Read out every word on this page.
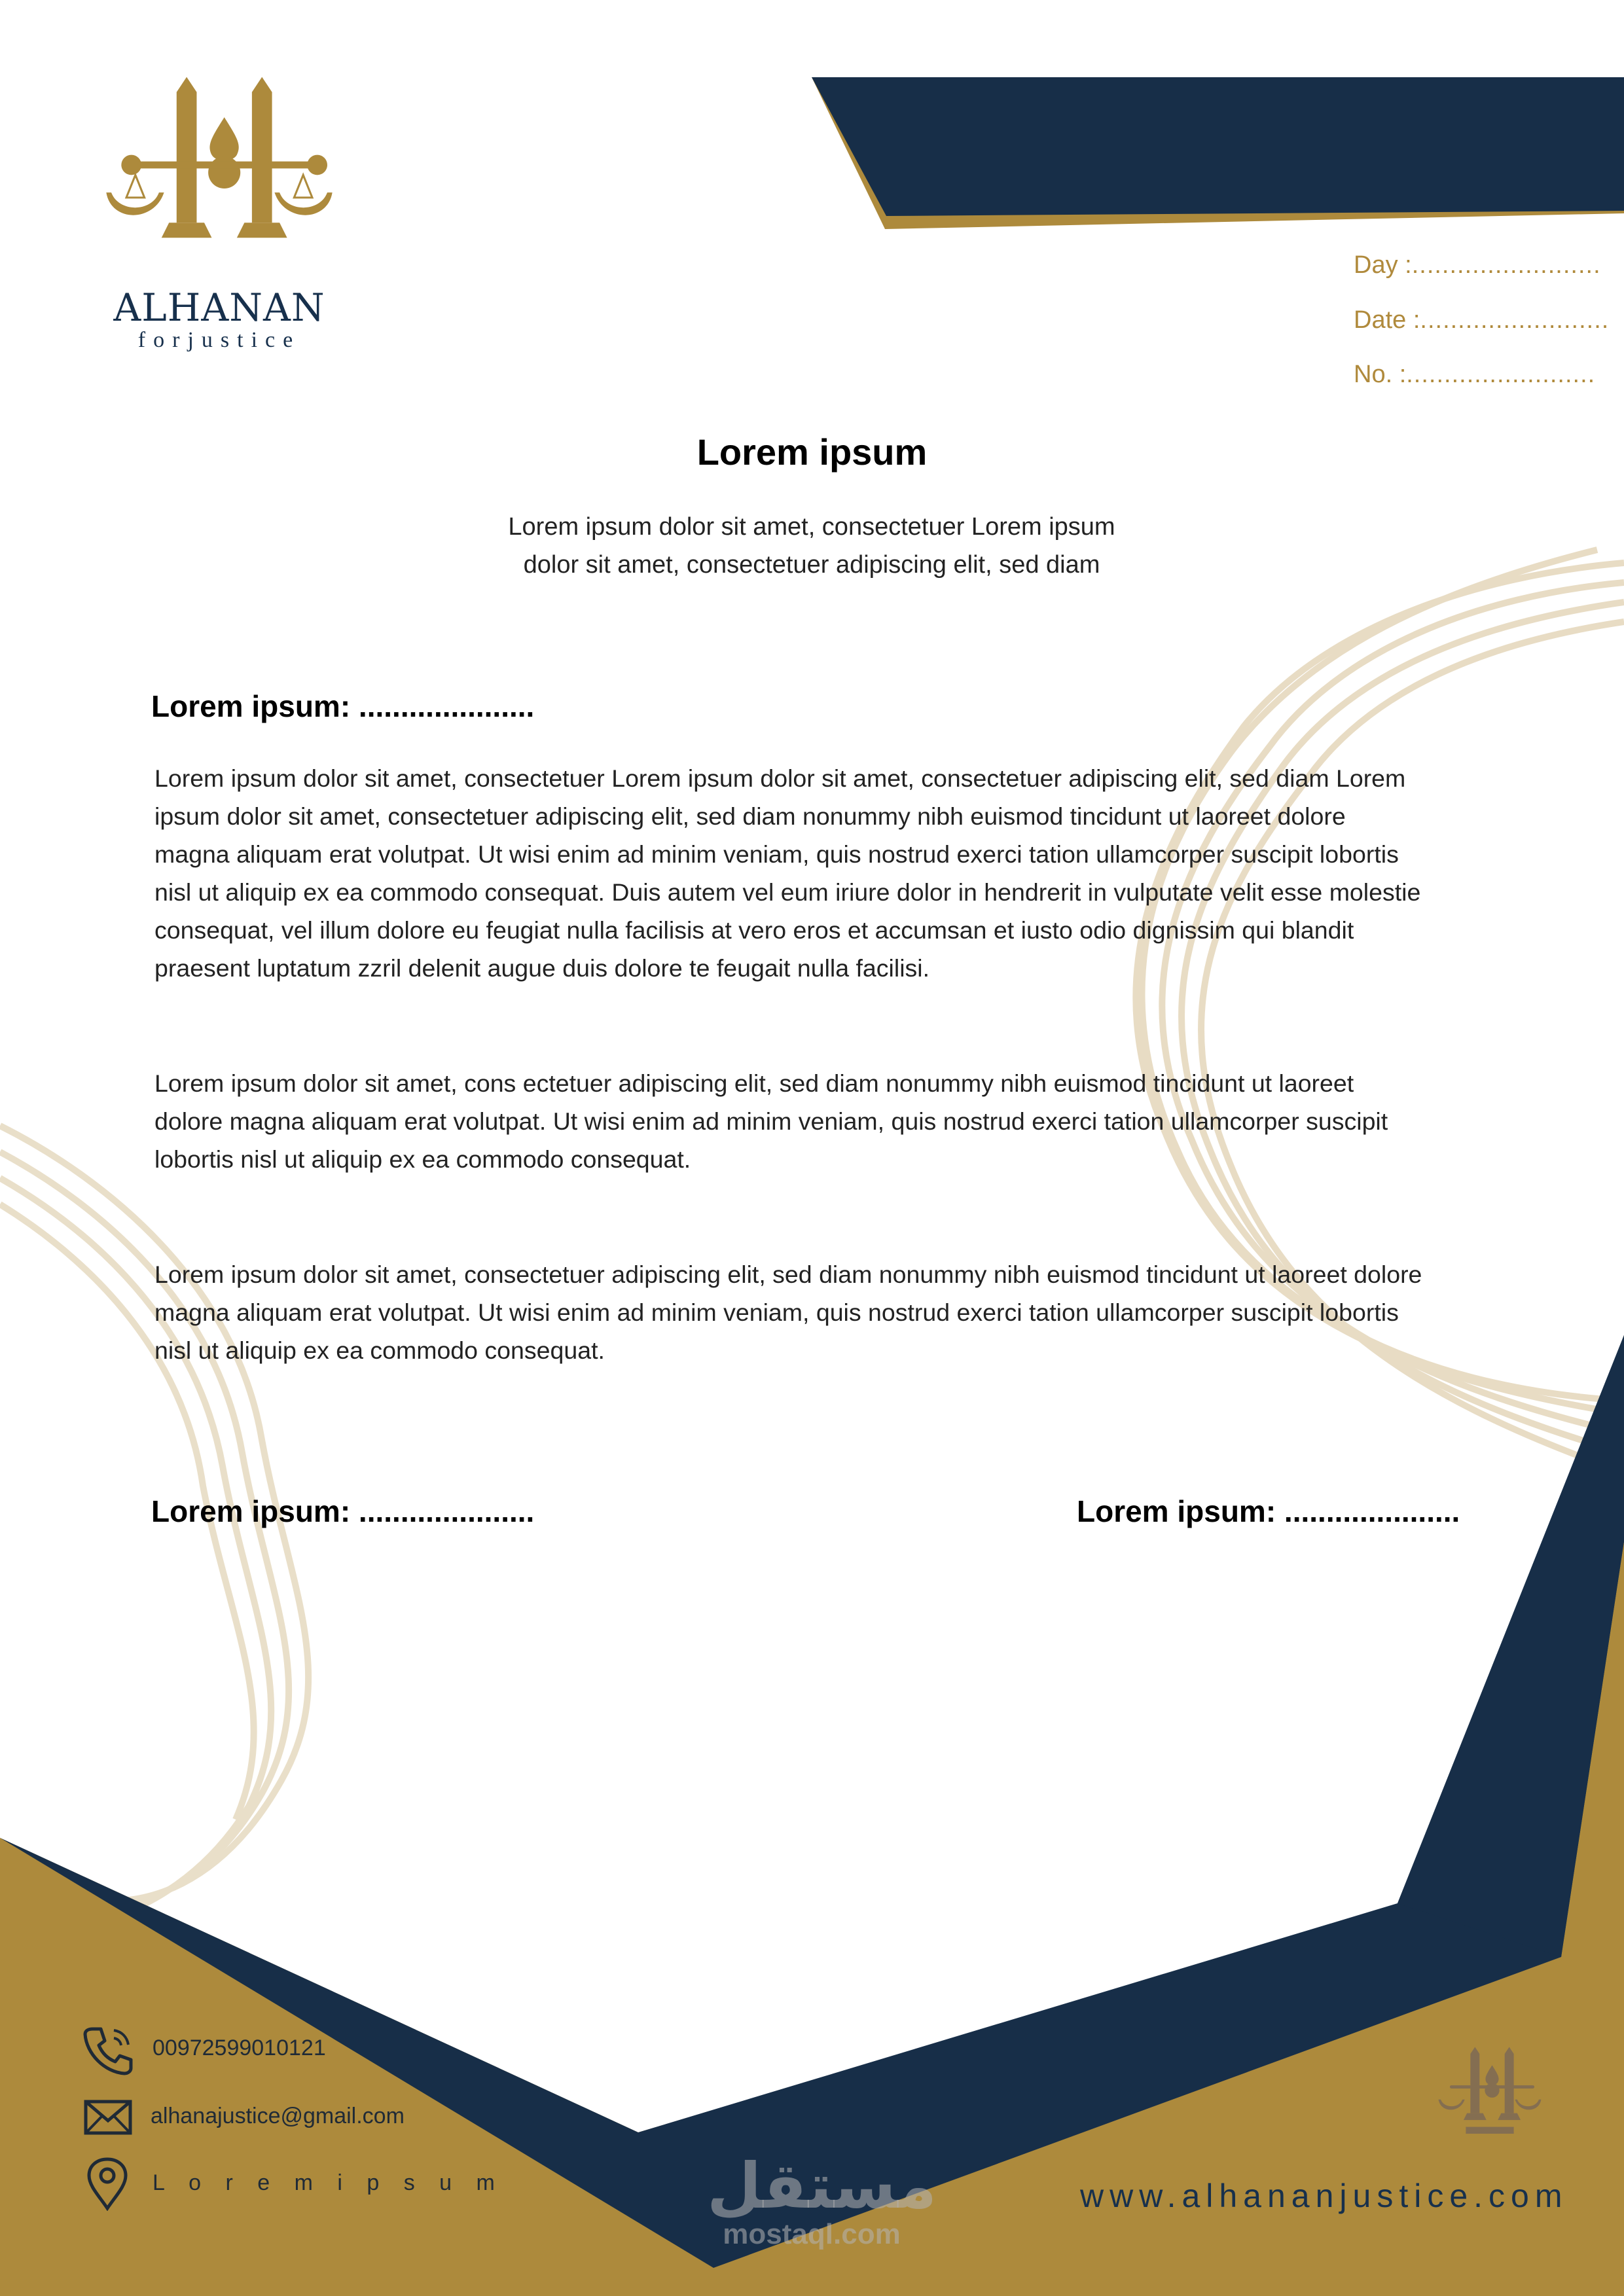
ALHANAN
forjustice
Day :.........................
Date :.........................
No. :.........................
Lorem ipsum
Lorem ipsum dolor sit amet, consectetuer Lorem ipsum
dolor sit amet, consectetuer adipiscing elit, sed diam
Lorem ipsum: .....................
Lorem ipsum dolor sit amet, consectetuer Lorem ipsum dolor sit amet, consectetuer adipiscing elit, sed diam Lorem
ipsum dolor sit amet, consectetuer adipiscing elit, sed diam nonummy nibh euismod tincidunt ut laoreet dolore
magna aliquam erat volutpat. Ut wisi enim ad minim veniam, quis nostrud exerci tation ullamcorper suscipit lobortis
nisl ut aliquip ex ea commodo consequat. Duis autem vel eum iriure dolor in hendrerit in vulputate velit esse molestie
consequat, vel illum dolore eu feugiat nulla facilisis at vero eros et accumsan et iusto odio dignissim qui blandit
praesent luptatum zzril delenit augue duis dolore te feugait nulla facilisi.
Lorem ipsum dolor sit amet, cons ectetuer adipiscing elit, sed diam nonummy nibh euismod tincidunt ut laoreet
dolore magna aliquam erat volutpat. Ut wisi enim ad minim veniam, quis nostrud exerci tation ullamcorper suscipit
lobortis nisl ut aliquip ex ea commodo consequat.
Lorem ipsum dolor sit amet, consectetuer adipiscing elit, sed diam nonummy nibh euismod tincidunt ut laoreet dolore
magna aliquam erat volutpat. Ut wisi enim ad minim veniam, quis nostrud exerci tation ullamcorper suscipit lobortis
nisl ut aliquip ex ea commodo consequat.
Lorem ipsum: .....................	Lorem ipsum: .....................
00972599010121
alhanajustice@gmail.com
L o r e m i p s u m	www.alhananjustice.com
مستقل
mostaql.com
